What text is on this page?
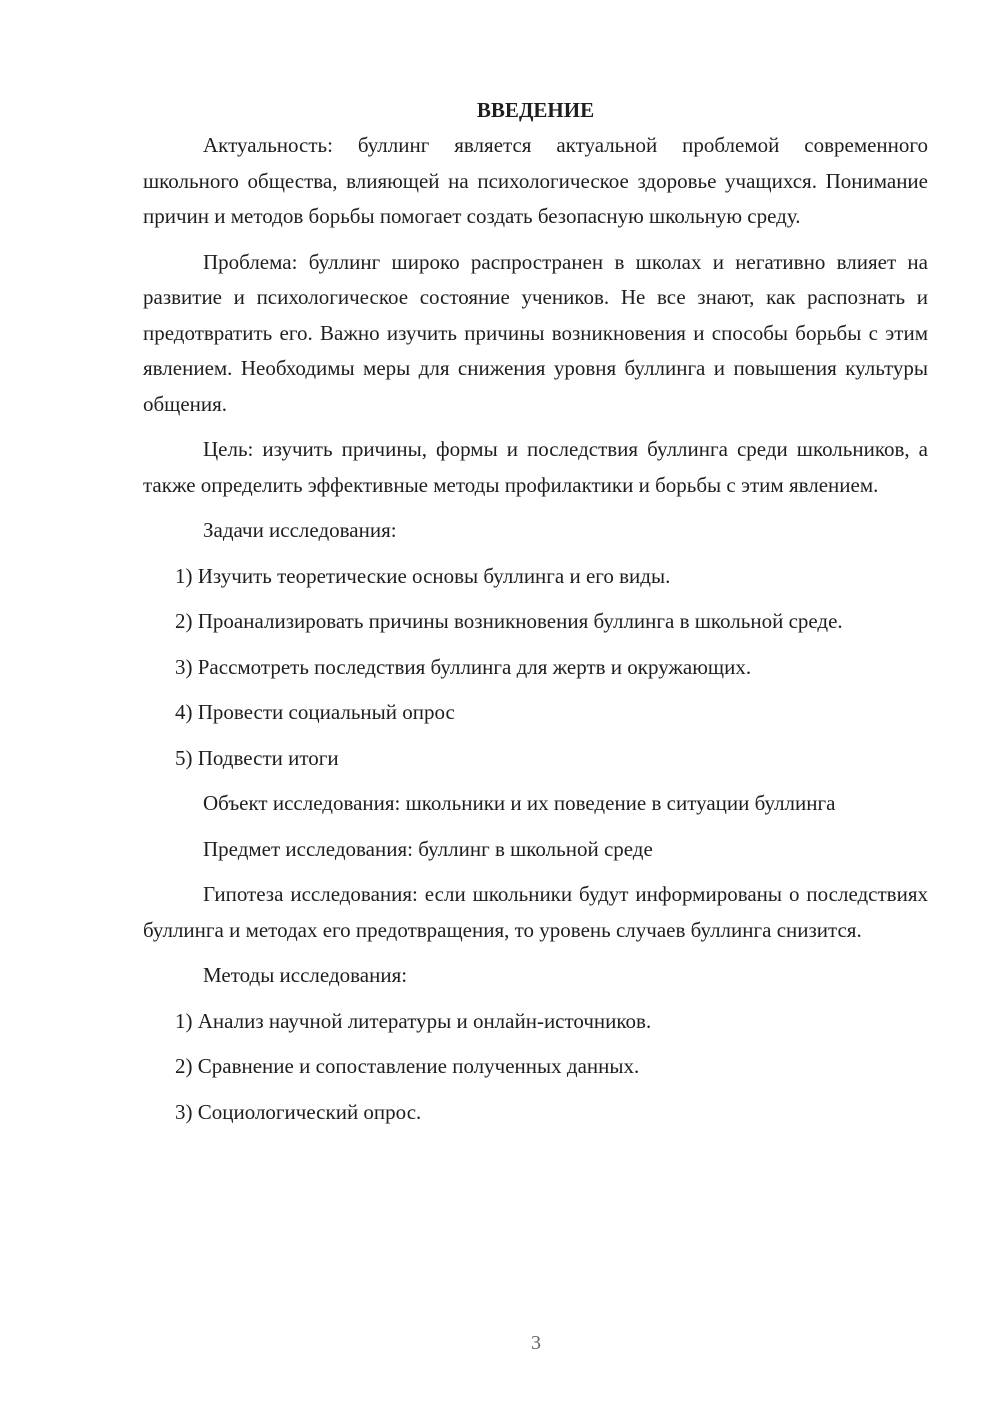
ВВЕДЕНИЕ

Актуальность: буллинг является актуальной проблемой современного школьного общества, влияющей на психологическое здоровье учащихся. Понимание причин и методов борьбы помогает создать безопасную школьную среду.

Проблема: буллинг широко распространен в школах и негативно влияет на развитие и психологическое состояние учеников. Не все знают, как распознать и предотвратить его. Важно изучить причины возникновения и способы борьбы с этим явлением. Необходимы меры для снижения уровня буллинга и повышения культуры общения.

Цель: изучить причины, формы и последствия буллинга среди школьников, а также определить эффективные методы профилактики и борьбы с этим явлением.

Задачи исследования:

1) Изучить теоретические основы буллинга и его виды.

2) Проанализировать причины возникновения буллинга в школьной среде.

3) Рассмотреть последствия буллинга для жертв и окружающих.

4) Провести социальный опрос

5) Подвести итоги

Объект исследования: школьники и их поведение в ситуации буллинга

Предмет исследования: буллинг в школьной среде

Гипотеза исследования: если школьники будут информированы о последствиях буллинга и методах его предотвращения, то уровень случаев буллинга снизится.

Методы исследования:

1) Анализ научной литературы и онлайн-источников.

2) Сравнение и сопоставление полученных данных.

3) Социологический опрос.

3
